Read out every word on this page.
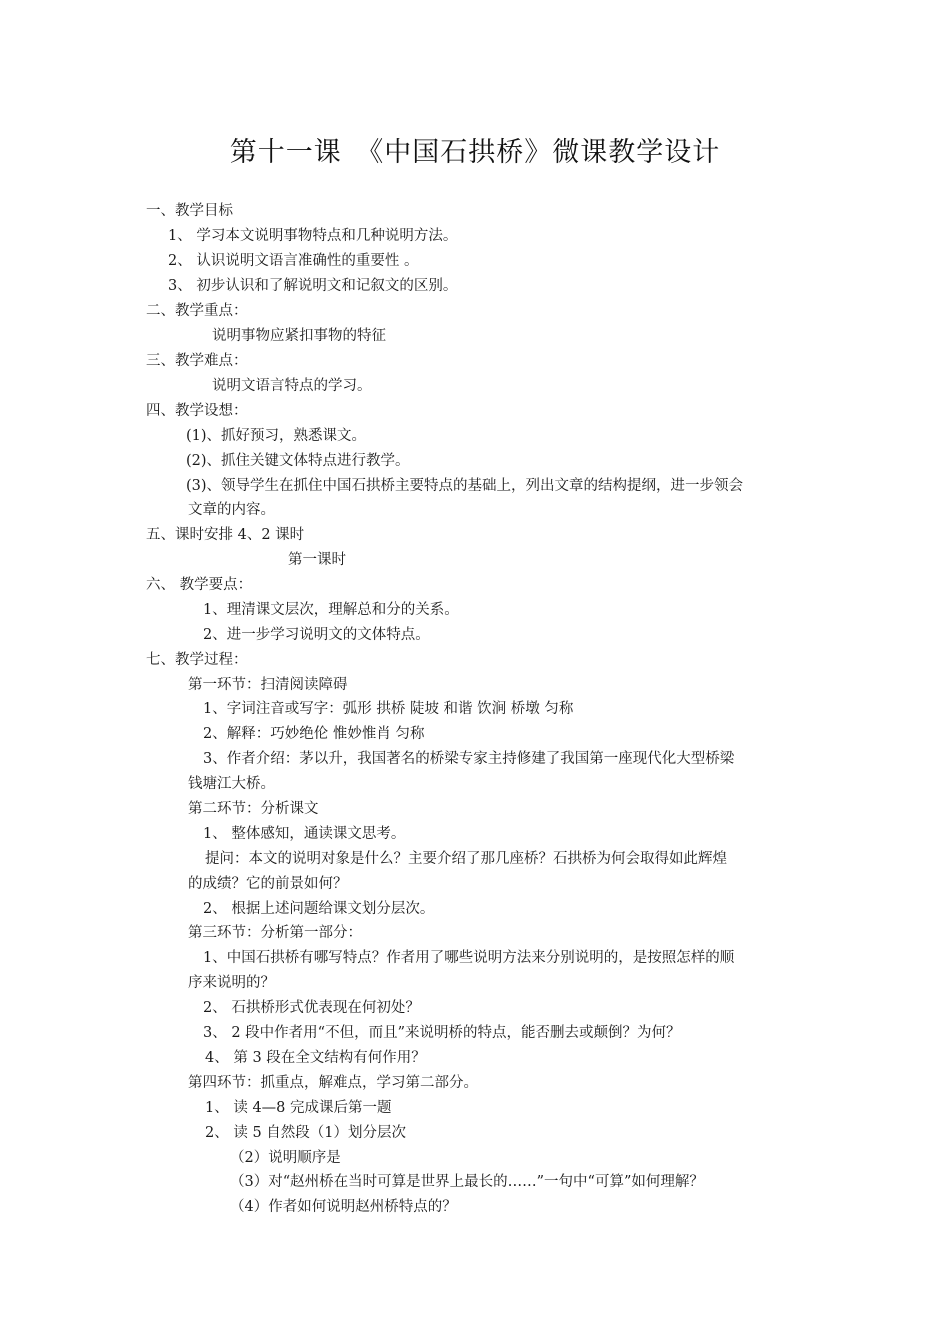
第十一课　《中国石拱桥》微课教学设计
一、教学目标
1、 学习本文说明事物特点和几种说明方法。
2、 认识说明文语言准确性的重要性 。
3、 初步认识和了解说明文和记叙文的区别。
二、教学重点：
说明事物应紧扣事物的特征
三、教学难点：
说明文语言特点的学习。
四、教学设想：
(1)、抓好预习，熟悉课文。
(2)、抓住关键文体特点进行教学。
(3)、领导学生在抓住中国石拱桥主要特点的基础上，列出文章的结构提纲，进一步领会
文章的内容。
五、课时安排 4、2 课时
第一课时
六、 教学要点：
1、理清课文层次，理解总和分的关系。
2、进一步学习说明文的文体特点。
七、教学过程：
第一环节：扫清阅读障碍
1、字词注音或写字：弧形 拱桥 陡坡 和谐 饮涧 桥墩 匀称
2、解释：巧妙绝伦 惟妙惟肖 匀称
3、作者介绍：茅以升，我国著名的桥梁专家主持修建了我国第一座现代化大型桥梁
钱塘江大桥。
第二环节：分析课文
1、 整体感知，通读课文思考。
提问：本文的说明对象是什么？主要介绍了那几座桥？石拱桥为何会取得如此辉煌
的成绩？它的前景如何？
2、 根据上述问题给课文划分层次。
第三环节：分析第一部分：
1、中国石拱桥有哪写特点？作者用了哪些说明方法来分别说明的，是按照怎样的顺
序来说明的？
2、 石拱桥形式优表现在何初处？
3、 2 段中作者用“不但，而且”来说明桥的特点，能否删去或颠倒？为何？
4、 第 3 段在全文结构有何作用？
第四环节：抓重点，解难点，学习第二部分。
1、 读 4—8 完成课后第一题
2、 读 5 自然段（1）划分层次
（2）说明顺序是
（3）对“赵州桥在当时可算是世界上最长的……”一句中“可算”如何理解？
（4）作者如何说明赵州桥特点的？
